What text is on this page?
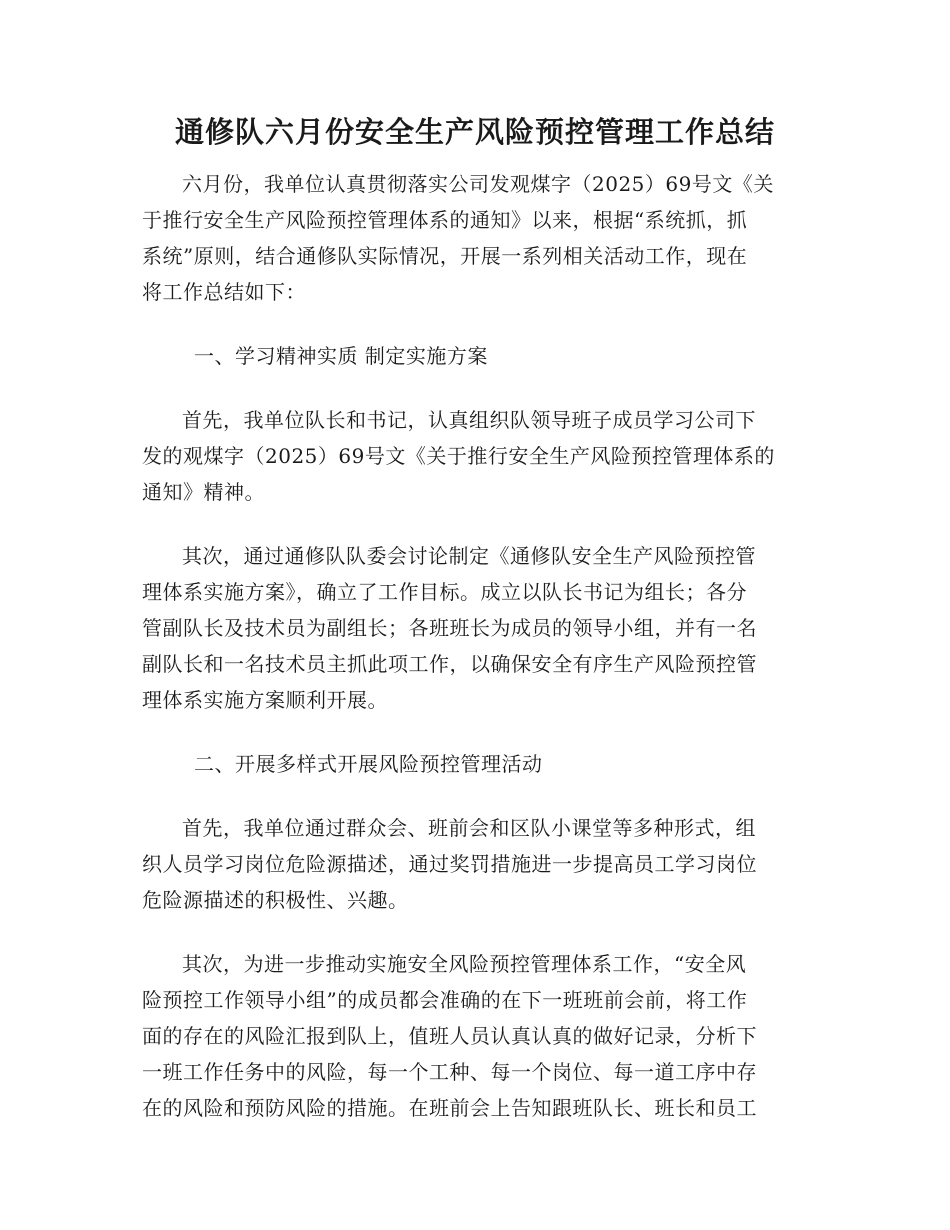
通修队六月份安全生产风险预控管理工作总结

六月份，我单位认真贯彻落实公司发观煤字（2025）69号文《关
于推行安全生产风险预控管理体系的通知》以来，根据“系统抓，抓
系统”原则，结合通修队实际情况，开展一系列相关活动工作，现在
将工作总结如下：

一、学习精神实质 制定实施方案

首先，我单位队长和书记，认真组织队领导班子成员学习公司下
发的观煤字（2025）69号文《关于推行安全生产风险预控管理体系的
通知》精神。

其次，通过通修队队委会讨论制定《通修队安全生产风险预控管
理体系实施方案》，确立了工作目标。成立以队长书记为组长；各分
管副队长及技术员为副组长；各班班长为成员的领导小组，并有一名
副队长和一名技术员主抓此项工作，以确保安全有序生产风险预控管
理体系实施方案顺利开展。

二、开展多样式开展风险预控管理活动

首先，我单位通过群众会、班前会和区队小课堂等多种形式，组
织人员学习岗位危险源描述，通过奖罚措施进一步提高员工学习岗位
危险源描述的积极性、兴趣。

其次，为进一步推动实施安全风险预控管理体系工作，“安全风
险预控工作领导小组”的成员都会准确的在下一班班前会前，将工作
面的存在的风险汇报到队上，值班人员认真认真的做好记录，分析下
一班工作任务中的风险，每一个工种、每一个岗位、每一道工序中存
在的风险和预防风险的措施。在班前会上告知跟班队长、班长和员工
